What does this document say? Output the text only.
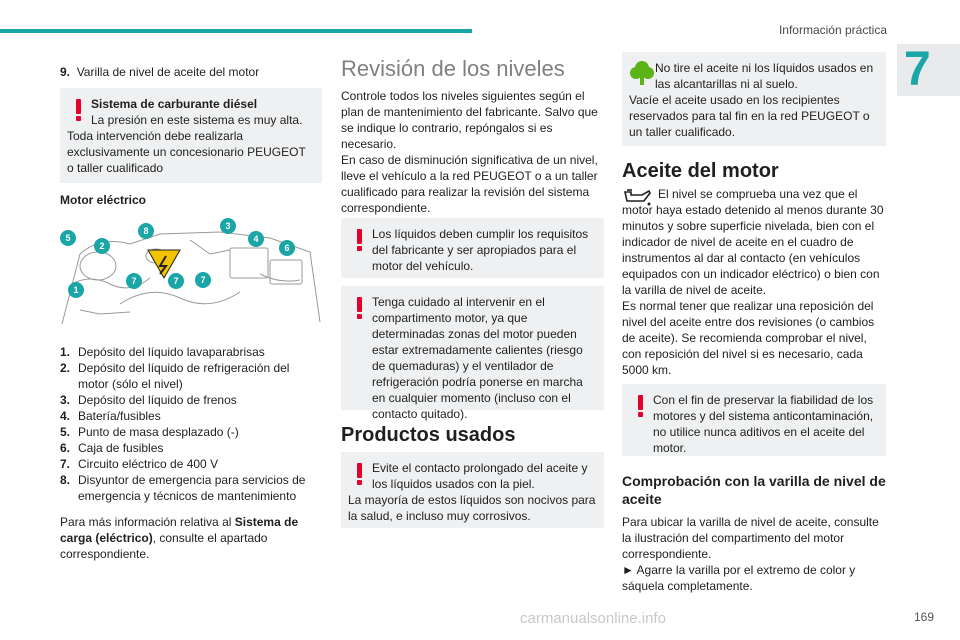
Información práctica
7
169
carmanualsonline.info

9. Varilla de nivel de aceite del motor

Sistema de carburante diésel

La presión en este sistema es muy alta.

Toda intervención debe realizarla exclusivamente un concesionario PEUGEOT o taller cualificado

Motor eléctrico

5
2
8	3
4
6
7	7 7
1
1. Depósito del líquido lavaparabrisas
2. Depósito del líquido de refrigeración del motor (sólo el nivel)
3. Depósito del líquido de frenos
4. Batería/fusibles
5. Punto de masa desplazado (-)
6. Caja de fusibles
7. Circuito eléctrico de 400 V
8. Disyuntor de emergencia para servicios de emergencia y técnicos de mantenimiento

Para más información relativa al Sistema de carga (eléctrico), consulte el apartado correspondiente.

Revisión de los niveles

Controle todos los niveles siguientes según el plan de mantenimiento del fabricante. Salvo que se indique lo contrario, repóngalos si es necesario.

En caso de disminución significativa de un nivel, lleve el vehículo a la red PEUGEOT o a un taller cualificado para realizar la revisión del sistema correspondiente.

Los líquidos deben cumplir los requisitos del fabricante y ser apropiados para el motor del vehículo.

Tenga cuidado al intervenir en el compartimento motor, ya que determinadas zonas del motor pueden estar extremadamente calientes (riesgo de quemaduras) y el ventilador de refrigeración podría ponerse en marcha en cualquier momento (incluso con el contacto quitado).

Productos usados

Evite el contacto prolongado del aceite y los líquidos usados con la piel.

La mayoría de estos líquidos son nocivos para la salud, e incluso muy corrosivos.

No tire el aceite ni los líquidos usados en las alcantarillas ni al suelo.

Vacíe el aceite usado en los recipientes reservados para tal fin en la red PEUGEOT o un taller cualificado.

Aceite del motor

El nivel se comprueba una vez que el motor haya estado detenido al menos durante 30 minutos y sobre superficie nivelada, bien con el indicador de nivel de aceite en el cuadro de instrumentos al dar al contacto (en vehículos equipados con un indicador eléctrico) o bien con la varilla de nivel de aceite.

Es normal tener que realizar una reposición del nivel del aceite entre dos revisiones (o cambios de aceite). Se recomienda comprobar el nivel, con reposición del nivel si es necesario, cada 5000 km.

Con el fin de preservar la fiabilidad de los motores y del sistema anticontaminación, no utilice nunca aditivos en el aceite del motor.

Comprobación con la varilla de nivel de aceite

Para ubicar la varilla de nivel de aceite, consulte la ilustración del compartimento del motor correspondiente.

► Agarre la varilla por el extremo de color y sáquela completamente.
